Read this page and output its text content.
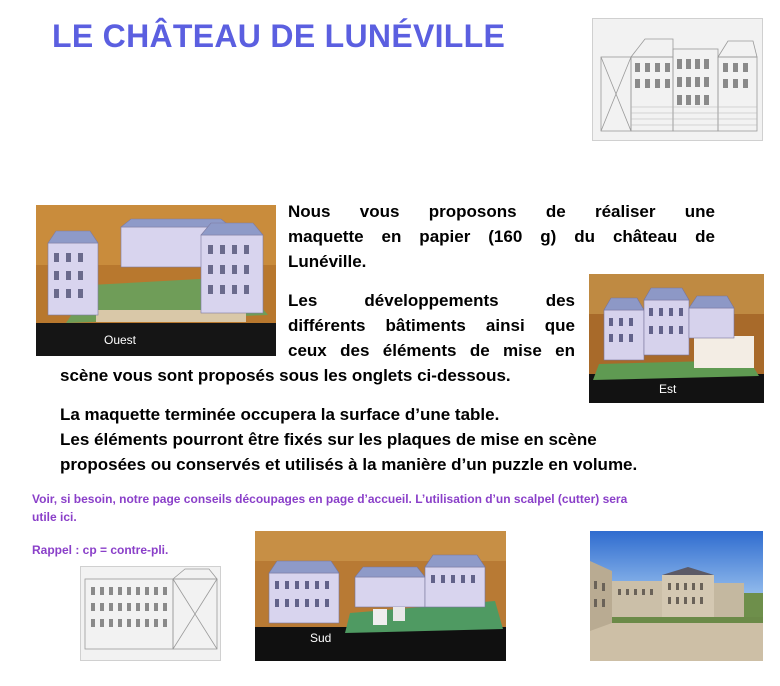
LE CHÂTEAU DE LUNÉVILLE
Ouest
Nous vous proposons de réaliser une
maquette en papier (160 g) du château de
Lunéville.
Les développements des
différents bâtiments ainsi que
ceux des éléments de mise en
scène vous sont proposés sous les onglets ci-dessous.
Est
La maquette terminée occupera la surface d’une table.
Les éléments pourront être fixés sur les plaques de mise en scène
proposées ou conservés et utilisés à la manière d’un puzzle en volume.
Voir, si besoin, notre page conseils découpages en page d’accueil. L’utilisation d’un scalpel (cutter) sera
utile ici.
Rappel : cp = contre-pli.
Sud
